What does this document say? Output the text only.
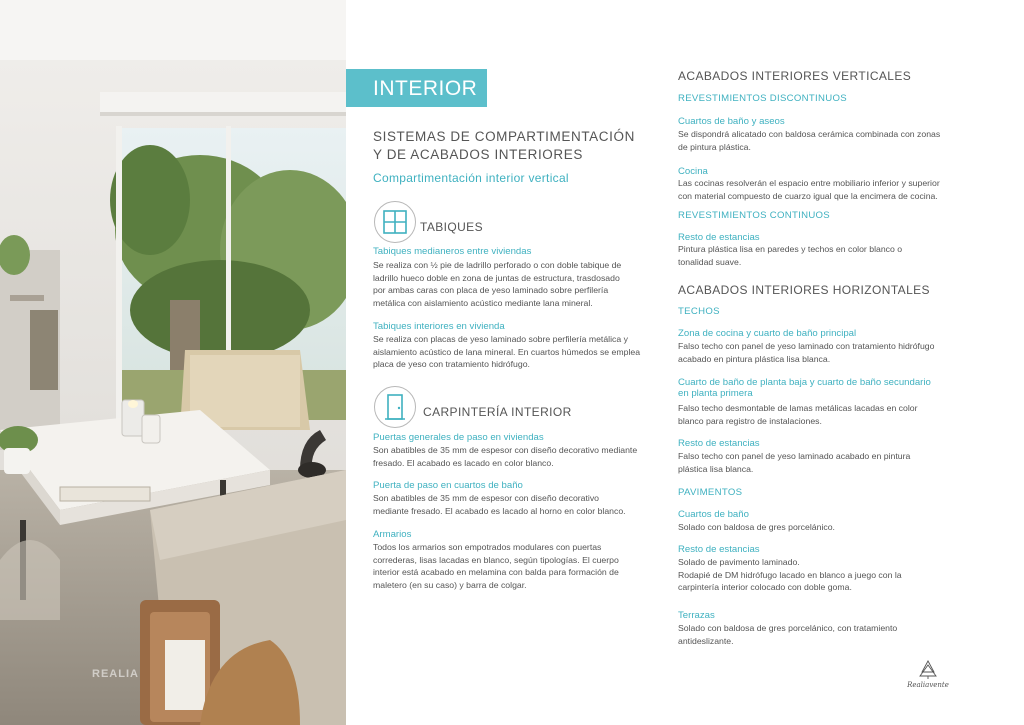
REALIA
INTERIOR
SISTEMAS DE COMPARTIMENTACIÓN
Y DE ACABADOS INTERIORES
Compartimentación interior vertical
TABIQUES
Tabiques medianeros entre viviendas
Se realiza con ½ pie de ladrillo perforado o con doble tabique de
ladrillo hueco doble en zona de juntas de estructura, trasdosado
por ambas caras con placa de yeso laminado sobre perfilería
metálica con aislamiento acústico mediante lana mineral.
Tabiques interiores en vivienda
Se realiza con placas de yeso laminado sobre perfilería metálica y
aislamiento acústico de lana mineral. En cuartos húmedos se emplea
placa de yeso con tratamiento hidrófugo.
CARPINTERÍA INTERIOR
Puertas generales de paso en viviendas
Son abatibles de 35 mm de espesor con diseño decorativo mediante
fresado. El acabado es lacado en color blanco.
Puerta de paso en cuartos de baño
Son abatibles de 35 mm de espesor con diseño decorativo
mediante fresado. El acabado es lacado al horno en color blanco.
Armarios
Todos los armarios son empotrados modulares con puertas
correderas, lisas lacadas en blanco, según tipologías. El cuerpo
interior está acabado en melamina con balda para formación de
maletero (en su caso) y barra de colgar.
ACABADOS INTERIORES VERTICALES
REVESTIMIENTOS DISCONTINUOS
Cuartos de baño y aseos
Se dispondrá alicatado con baldosa cerámica combinada con zonas
de pintura plástica.
Cocina
Las cocinas resolverán el espacio entre mobiliario inferior y superior
con material compuesto de cuarzo igual que la encimera de cocina.
REVESTIMIENTOS CONTINUOS
Resto de estancias
Pintura plástica lisa en paredes y techos en color blanco o
tonalidad suave.
ACABADOS INTERIORES HORIZONTALES
TECHOS
Zona de cocina y cuarto de baño principal
Falso techo con panel de yeso laminado con tratamiento hidrófugo
acabado en pintura plástica lisa blanca.
Cuarto de baño de planta baja y cuarto de baño secundario
en planta primera
Falso techo desmontable de lamas metálicas lacadas en color
blanco para registro de instalaciones.
Resto de estancias
Falso techo con panel de yeso laminado acabado en pintura
plástica lisa blanca.
PAVIMENTOS
Cuartos de baño
Solado con baldosa de gres porcelánico.
Resto de estancias
Solado de pavimento laminado.
Rodapié de DM hidrófugo lacado en blanco a juego con la
carpintería interior colocado con doble goma.
Terrazas
Solado con baldosa de gres porcelánico, con tratamiento
antideslizante.
Realiavente
